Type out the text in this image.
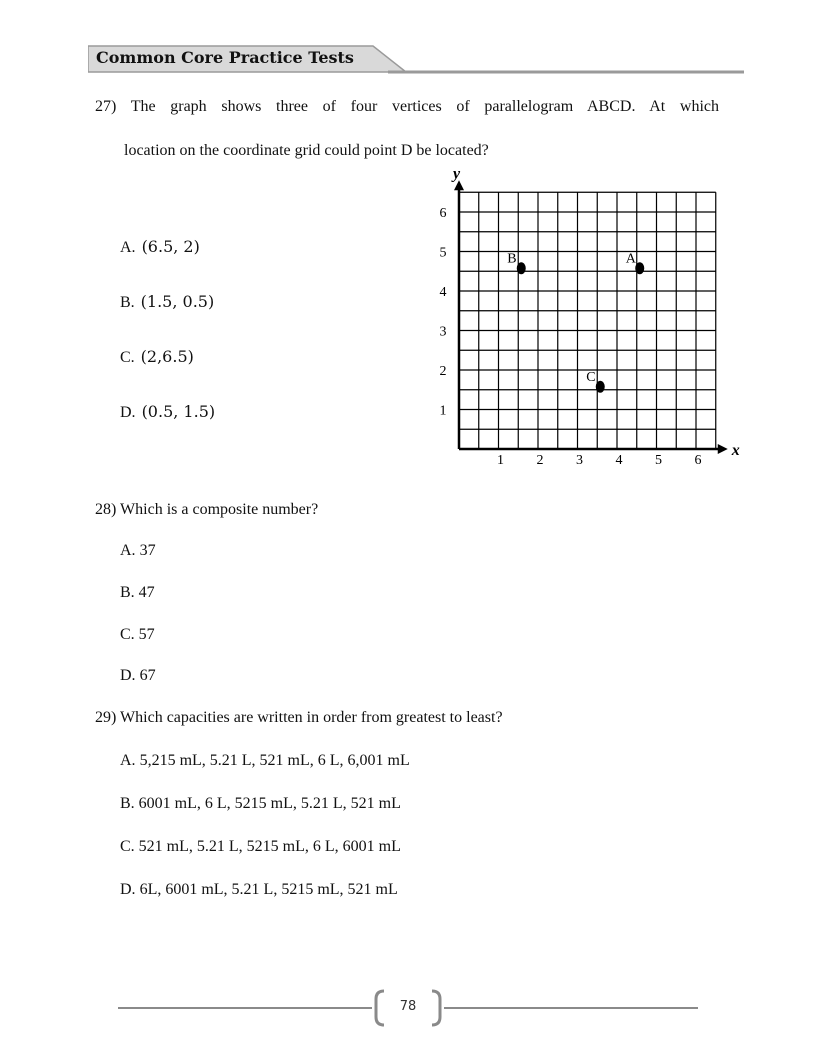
Common Core Practice Tests
27) The graph shows three of four vertices of parallelogram ABCD. At which
location on the coordinate grid could point D be located?
A. (6.5, 2)
B. (1.5, 0.5)
C. (2,6.5)
D. (0.5, 1.5)
x
y
1 2 3 4 5 6
1
2
3
4
5
6
A
B
C
28) Which is a composite number?
A. 37
B. 47
C. 57
D. 67
29) Which capacities are written in order from greatest to least?
A. 5,215 mL, 5.21 L, 521 mL, 6 L, 6,001 mL
B. 6001 mL, 6 L, 5215 mL, 5.21 L, 521 mL
C. 521 mL, 5.21 L, 5215 mL, 6 L, 6001 mL
D. 6L, 6001 mL, 5.21 L, 5215 mL, 521 mL
78
